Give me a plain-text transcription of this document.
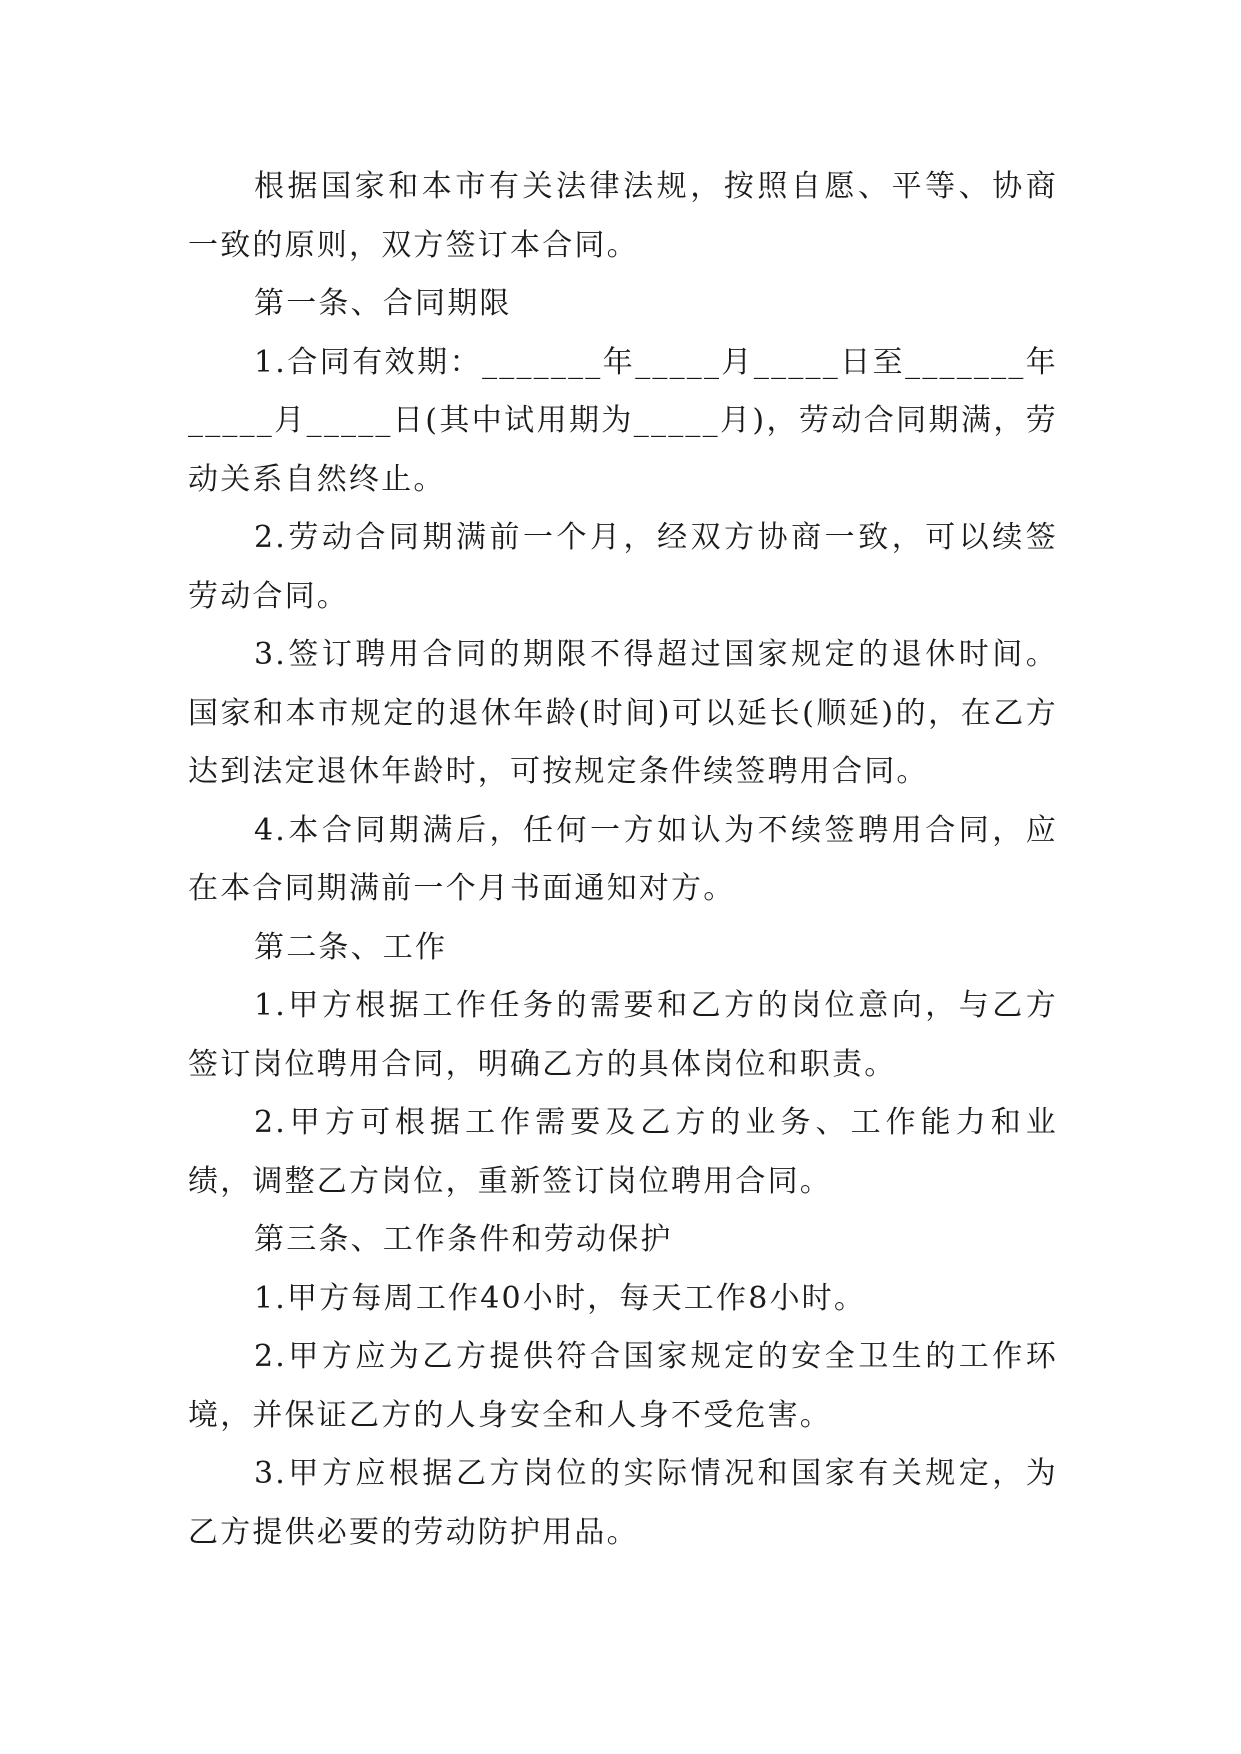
根据国家和本市有关法律法规，按照自愿、平等、协商一致的原则，双方签订本合同。

第一条、合同期限

1.合同有效期：_______年_____月_____日至_______年_____月_____日(其中试用期为_____月)，劳动合同期满，劳动关系自然终止。

2.劳动合同期满前一个月，经双方协商一致，可以续签劳动合同。

3.签订聘用合同的期限不得超过国家规定的退休时间。国家和本市规定的退休年龄(时间)可以延长(顺延)的，在乙方达到法定退休年龄时，可按规定条件续签聘用合同。

4.本合同期满后，任何一方如认为不续签聘用合同，应在本合同期满前一个月书面通知对方。

第二条、工作

1.甲方根据工作任务的需要和乙方的岗位意向，与乙方签订岗位聘用合同，明确乙方的具体岗位和职责。

2.甲方可根据工作需要及乙方的业务、工作能力和业绩，调整乙方岗位，重新签订岗位聘用合同。

第三条、工作条件和劳动保护

1.甲方每周工作40小时，每天工作8小时。

2.甲方应为乙方提供符合国家规定的安全卫生的工作环境，并保证乙方的人身安全和人身不受危害。

3.甲方应根据乙方岗位的实际情况和国家有关规定，为乙方提供必要的劳动防护用品。
